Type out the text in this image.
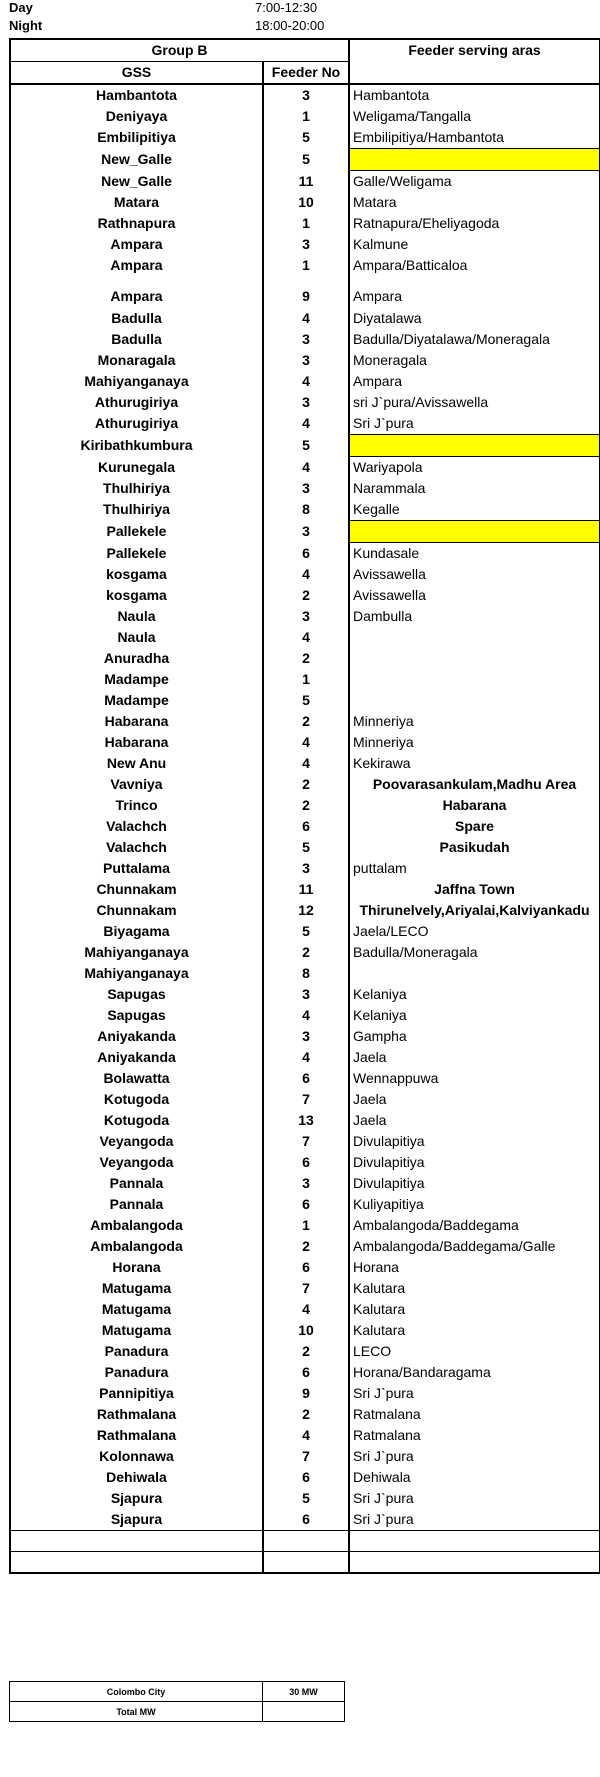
Day	7:00-12:30
Night	18:00-20:00
Group B		Feeder serving aras
GSS	Feeder No	
Hambantota	3	Hambantota
Deniyaya	1	Weligama/Tangalla
Embilipitiya	5	Embilipitiya/Hambantota
New_Galle	5	
New_Galle	11	Galle/Weligama
Matara	10	Matara
Rathnapura	1	Ratnapura/Eheliyagoda
Ampara	3	Kalmune
Ampara	1	Ampara/Batticaloa
Ampara	9	Ampara
Badulla	4	Diyatalawa
Badulla	3	Badulla/Diyatalawa/Moneragala
Monaragala	3	Moneragala
Mahiyanganaya	4	Ampara
Athurugiriya	3	sri J`pura/Avissawella
Athurugiriya	4	Sri J`pura
Kiribathkumbura	5	
Kurunegala	4	Wariyapola
Thulhiriya	3	Narammala
Thulhiriya	8	Kegalle
Pallekele	3	
Pallekele	6	Kundasale
kosgama	4	Avissawella
kosgama	2	Avissawella
Naula	3	Dambulla
Naula	4	
Anuradha	2	
Madampe	1	
Madampe	5	
Habarana	2	Minneriya
Habarana	4	Minneriya
New Anu	4	Kekirawa
Vavniya	2	Poovarasankulam,Madhu Area
Trinco	2	Habarana
Valachch	6	Spare
Valachch	5	Pasikudah
Puttalama	3	puttalam
Chunnakam	11	Jaffna Town
Chunnakam	12	Thirunelvely,Ariyalai,Kalviyankadu
Biyagama	5	Jaela/LECO
Mahiyanganaya	2	Badulla/Moneragala
Mahiyanganaya	8	
Sapugas	3	Kelaniya
Sapugas	4	Kelaniya
Aniyakanda	3	Gampha
Aniyakanda	4	Jaela
Bolawatta	6	Wennappuwa
Kotugoda	7	Jaela
Kotugoda	13	Jaela
Veyangoda	7	Divulapitiya
Veyangoda	6	Divulapitiya
Pannala	3	Divulapitiya
Pannala	6	Kuliyapitiya
Ambalangoda	1	Ambalangoda/Baddegama
Ambalangoda	2	Ambalangoda/Baddegama/Galle
Horana	6	Horana
Matugama	7	Kalutara
Matugama	4	Kalutara
Matugama	10	Kalutara
Panadura	2	LECO
Panadura	6	Horana/Bandaragama
Pannipitiya	9	Sri J`pura
Rathmalana	2	Ratmalana
Rathmalana	4	Ratmalana
Kolonnawa	7	Sri J`pura
Dehiwala	6	Dehiwala
Sjapura	5	Sri J`pura
Sjapura	6	Sri J`pura

Colombo City	30 MW
Total MW	
